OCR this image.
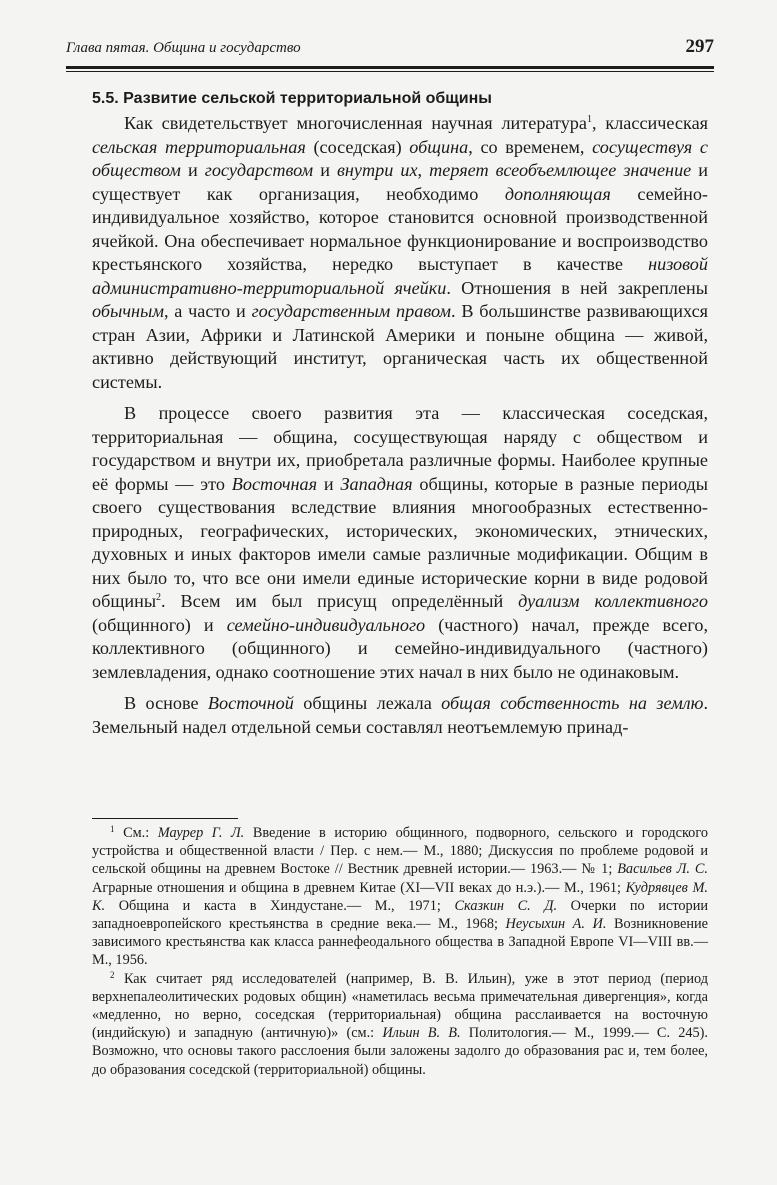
Глава пятая. Община и государство	297
5.5. Развитие сельской территориальной общины

Как свидетельствует многочисленная научная литература$^1$, классическая сельская территориальная (соседская) община, со временем, сосуществуя с обществом и государством и внутри их, теряет всеобъемлющее значение и существует как организация, необходимо дополняющая семейно-индивидуальное хозяйство, которое становится основной производственной ячейкой. Она обеспечивает нормальное функционирование и воспроизводство крестьянского хозяйства, нередко выступает в качестве низовой административно-территориальной ячейки. Отношения в ней закреплены обычным, а часто и государственным правом. В большинстве развивающихся стран Азии, Африки и Латинской Америки и поныне община — живой, активно действующий институт, органическая часть их общественной системы.

В процессе своего развития эта — классическая соседская, территориальная — община, сосуществующая наряду с обществом и государством и внутри их, приобретала различные формы. Наиболее крупные её формы — это Восточная и Западная общины, которые в разные периоды своего существования вследствие влияния многообразных естественно-природных, географических, исторических, экономических, этнических, духовных и иных факторов имели самые различные модификации. Общим в них было то, что все они имели единые исторические корни в виде родовой общины$^2$. Всем им был присущ определённый дуализм коллективного (общинного) и семейно-индивидуального (частного) начал, прежде всего, коллективного (общинного) и семейно-индивидуального (частного) землевладения, однако соотношение этих начал в них было не одинаковым.

В основе Восточной общины лежала общая собственность на землю. Земельный надел отдельной семьи составлял неотъемлемую принад-

$^1$ См.: Маурер Г. Л. Введение в историю общинного, подворного, сельского и городского устройства и общественной власти / Пер. с нем.— М., 1880; Дискуссия по проблеме родовой и сельской общины на древнем Востоке // Вестник древней истории.— 1963.— № 1; Васильев Л. С. Аграрные отношения и община в древнем Китае (XI—VII веках до н.э.).— М., 1961; Кудрявцев М. К. Община и каста в Хиндустане.— М., 1971; Сказкин С. Д. Очерки по истории западноевропейского крестьянства в средние века.— М., 1968; Неусыхин А. И. Возникновение зависимого крестьянства как класса раннефеодального общества в Западной Европе VI—VIII вв.— М., 1956.

$^2$ Как считает ряд исследователей (например, В. В. Ильин), уже в этот период (период верхнепалеолитических родовых общин) «наметилась весьма примечательная дивергенция», когда «медленно, но верно, соседская (территориальная) община расслаивается на восточную (индийскую) и западную (античную)» (см.: Ильин В. В. Политология.— М., 1999.— С. 245). Возможно, что основы такого расслоения были заложены задолго до образования рас и, тем более, до образования соседской (территориальной) общины.
